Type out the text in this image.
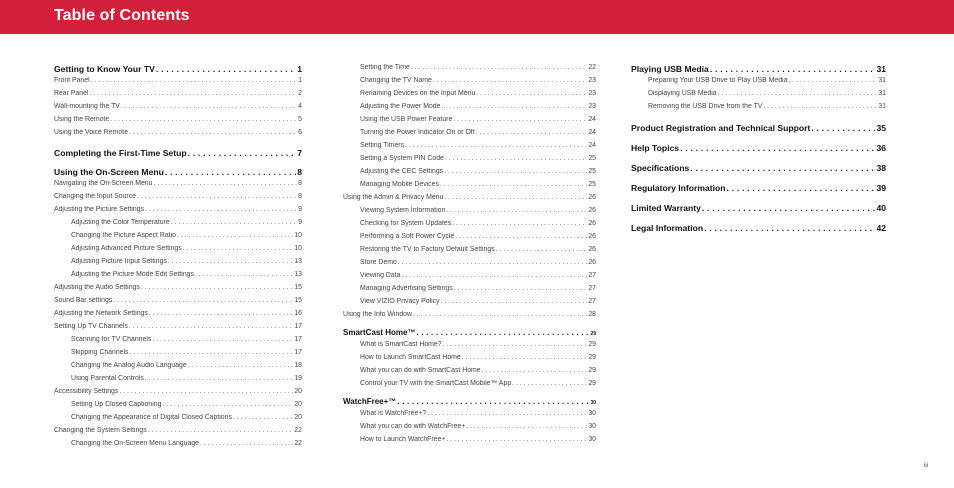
Table of Contents
Getting to Know Your TV . . .	1
Front Panel . . .	1
Rear Panel . . .	2
Wall-mounting the TV . . .	4
Using the Remote . . .	5
Using the Voice Remote . . .	6
Completing the First-Time Setup . . .	7
Using the On-Screen Menu . . .	8
Navigating the On-Screen Menu . . .	8
Changing the Input Source . . .	8
Adjusting the Picture Settings . . .	9
Adjusting the Color Temperature . . .	9
Changing the Picture Aspect Ratio . . .	10
Adjusting Advanced Picture Settings . . .	10
Adjusting Picture Input Settings . . .	13
Adjusting the Picture Mode Edit Settings . . .	13
Adjusting the Audio Settings . . .	15
Sound Bar settings . . .	15
Adjusting the Network Settings . . .	16
Setting Up TV Channels . . .	17
Scanning for TV Channels . . .	17
Skipping Channels . . .	17
Changing the Analog Audio Language . . .	18
Using Parental Controls . . .	19
Accessibility Settings . . .	20
Setting Up Closed Captioning . . .	20
Changing the Appearance of Digital Closed Captions . . .	20
Changing the System Settings . . .	22
Changing the On-Screen Menu Language . . .	22
Setting the Time . . .	22
Changing the TV Name . . .	23
Renaming Devices on the Input Menu . . .	23
Adjusting the Power Mode . . .	23
Using the USB Power Feature . . .	24
Turning the Power Indicator On or Off . . .	24
Setting Timers . . .	24
Setting a System PIN Code . . .	25
Adjusting the CEC Settings . . .	25
Managing Mobile Devices . . .	25
Using the Admin & Privacy Menu . . .	26
Viewing System Information . . .	26
Checking for System Updates . . .	26
Performing a Soft Power Cycle . . .	26
Restoring the TV to Factory Default Settings . . .	26
Store Demo . . .	26
Viewing Data . . .	27
Managing Advertising Settings . . .	27
View VIZIO Privacy Policy . . .	27
Using the Info Window . . .	28
SmartCast Home™ . . .	29
What is SmartCast Home? . . .	29
How to Launch SmartCast Home . . .	29
What you can do with SmartCast Home . . .	29
Control your TV with the SmartCast Mobile™ App . . .	29
WatchFree+™ . . .	30
What is WatchFree+? . . .	30
What you can do with WatchFree+ . . .	30
How to Launch WatchFree+ . . .	30
Playing USB Media . . .	31
Preparing Your USB Drive to Play USB Media . . .	31
Displaying USB Media . . .	31
Removing the USB Drive from the TV . . .	31
Product Registration and Technical Support . . .	35
Help Topics . . .	36
Specifications . . .	38
Regulatory Information . . .	39
Limited Warranty . . .	40
Legal Information . . .	42
iii
